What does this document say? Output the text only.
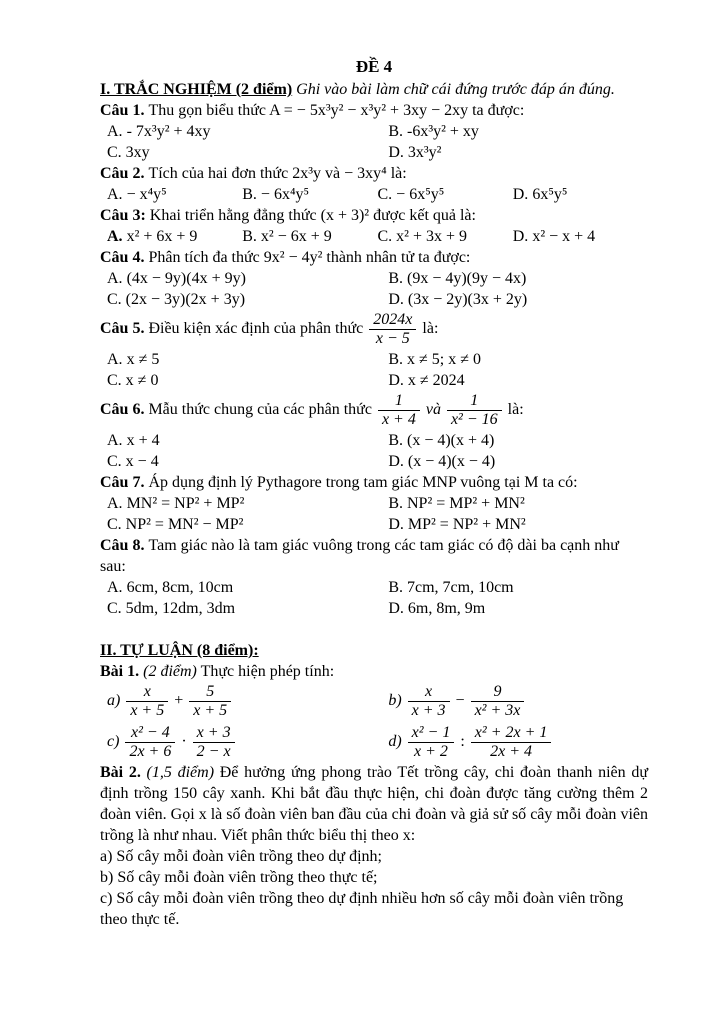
ĐỀ 4
I. TRẮC NGHIỆM (2 điểm) Ghi vào bài làm chữ cái đứng trước đáp án đúng.
Câu 1. Thu gọn biểu thức A = − 5x³y² − x³y² + 3xy − 2xy ta được:
A. - 7x³y² + 4xy	B. -6x³y² + xy
C. 3xy	D. 3x³y²
Câu 2. Tích của hai đơn thức 2x³y và − 3xy⁴ là:
A. − x⁴y⁵	B. − 6x⁴y⁵	C. − 6x⁵y⁵	D. 6x⁵y⁵
Câu 3: Khai triển hằng đẳng thức (x + 3)² được kết quả là:
A. x² + 6x + 9	B. x² − 6x + 9	C. x² + 3x + 9	D. x² − x + 4
Câu 4. Phân tích đa thức 9x² − 4y² thành nhân tử ta được:
A. (4x − 9y)(4x + 9y)	B. (9x − 4y)(9y − 4x)
C. (2x − 3y)(2x + 3y)	D. (3x − 2y)(3x + 2y)
Câu 5. Điều kiện xác định của phân thức $\frac{2024x}{x - 5}$ là:
A. x ≠ 5	B. x ≠ 5; x ≠ 0
C. x ≠ 0	D. x ≠ 2024
Câu 6. Mẫu thức chung của các phân thức $\frac{1}{x + 4}$ và $\frac{1}{\text{x² − 16}}$ là:
A. x + 4	B. (x − 4)(x + 4)
C. x − 4	D. (x − 4)(x − 4)
Câu 7. Áp dụng định lý Pythagore trong tam giác MNP vuông tại M ta có:
A. MN² = NP² + MP²	B. NP² = MP² + MN²
C. NP² = MN² − MP²	D. MP² = NP² + MN²
Câu 8. Tam giác nào là tam giác vuông trong các tam giác có độ dài ba cạnh như sau:
A. 6cm, 8cm, 10cm	B. 7cm, 7cm, 10cm
C. 5dm, 12dm, 3dm	D. 6m, 8m, 9m
II. TỰ LUẬN (8 điểm):
Bài 1. (2 điểm) Thực hiện phép tính:
$a) \frac{x}{x + 5} + \frac{5}{x + 5}$	$b) \frac{x}{x + 3} - \frac{9}{\text{x² + 3x}}$
$c) \frac{\text{x² − 4}}{2x + 6} \cdot \frac{x + 3}{2 - x}$	$d) \frac{\text{x² − 1}}{x + 2}$ : $\frac{\text{x² + 2x + 1}}{2x + 4}$

Bài 2. (1,5 điểm) Để hưởng ứng phong trào Tết trồng cây, chi đoàn thanh niên dự định trồng 150 cây xanh. Khi bắt đầu thực hiện, chi đoàn được tăng cường thêm 2 đoàn viên. Gọi x là số đoàn viên ban đầu của chi đoàn và giả sử số cây mỗi đoàn viên trồng là như nhau. Viết phân thức biểu thị theo x:

a) Số cây mỗi đoàn viên trồng theo dự định;
b) Số cây mỗi đoàn viên trồng theo thực tế;
c) Số cây mỗi đoàn viên trồng theo dự định nhiều hơn số cây mỗi đoàn viên trồng theo thực tế.
